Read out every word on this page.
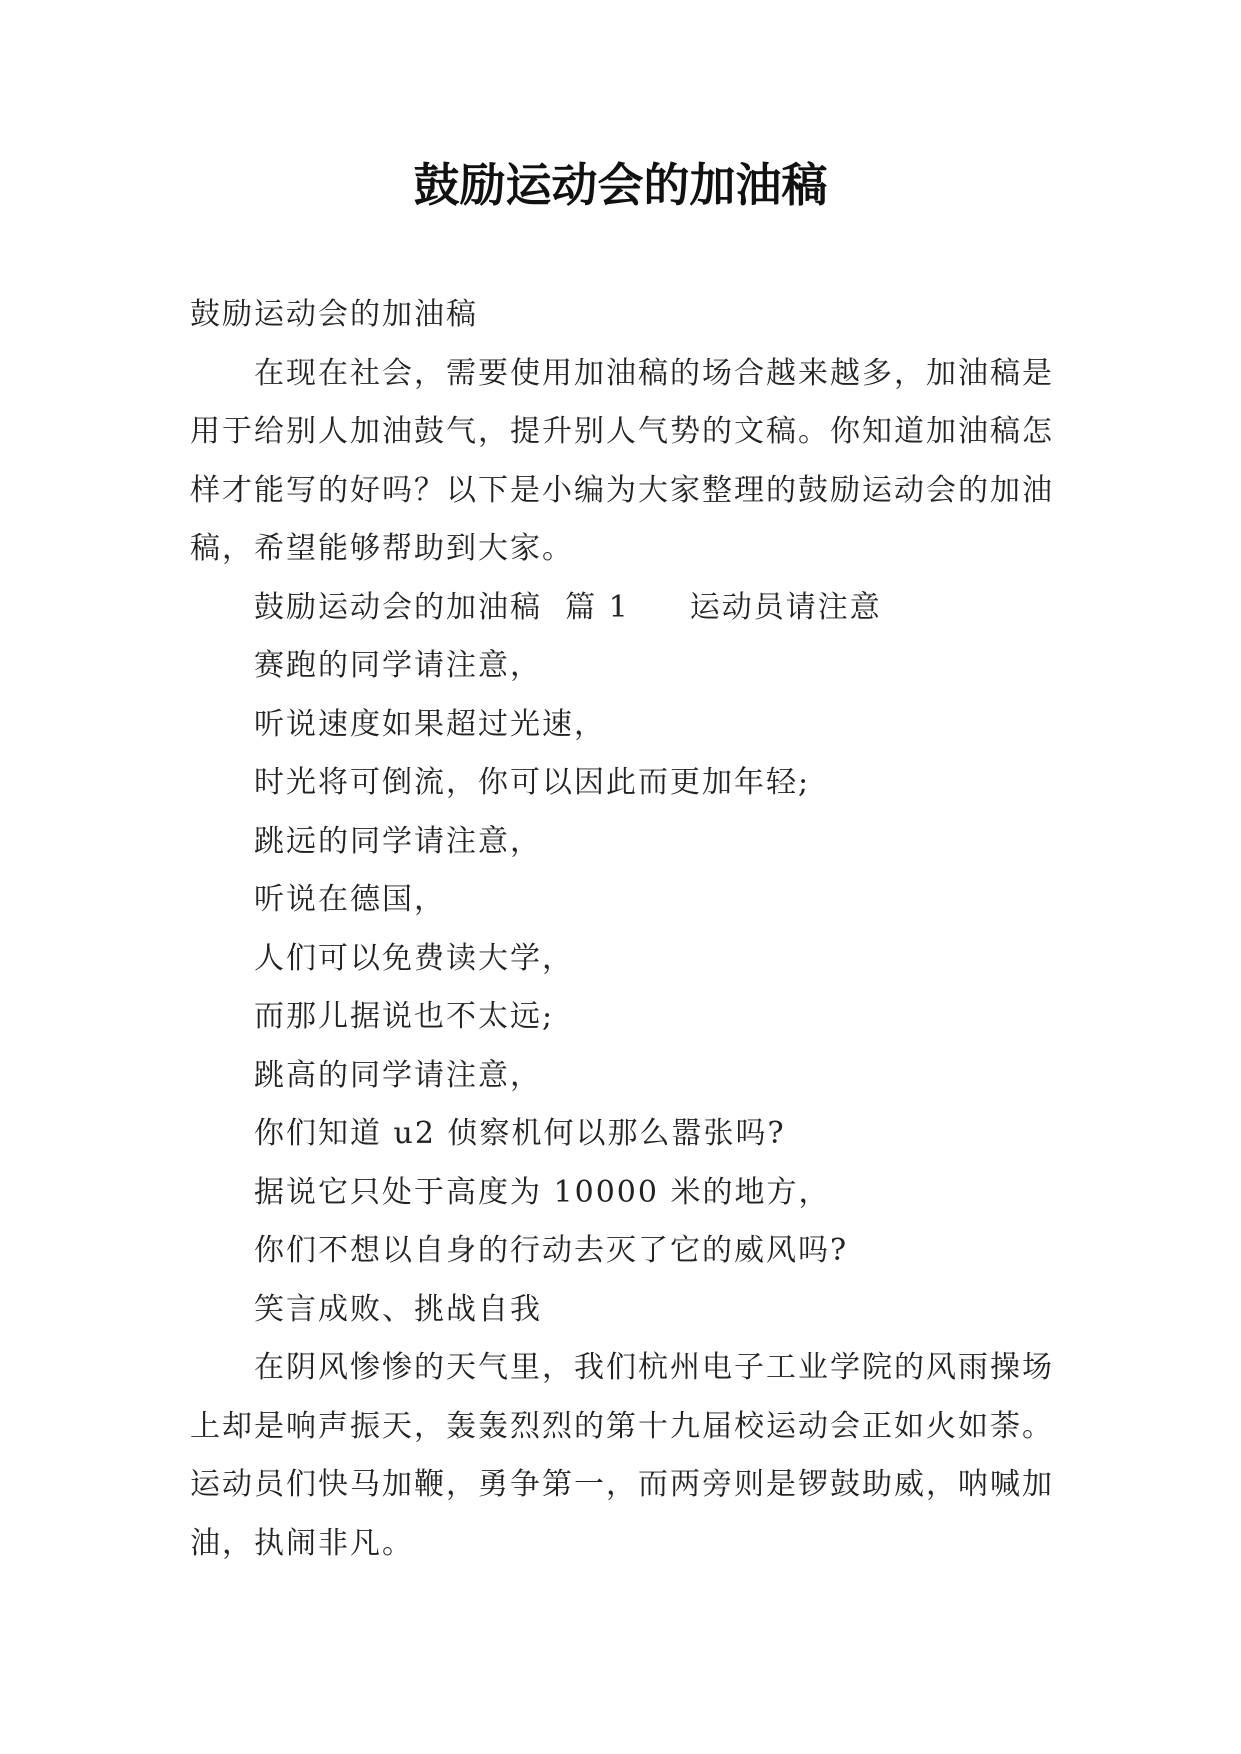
鼓励运动会的加油稿

鼓励运动会的加油稿

在现在社会，需要使用加油稿的场合越来越多，加油稿是用于给别人加油鼓气，提升别人气势的文稿。你知道加油稿怎样才能写的好吗？以下是小编为大家整理的鼓励运动会的加油稿，希望能够帮助到大家。

鼓励运动会的加油稿  篇 1 运动员请注意

赛跑的同学请注意，

听说速度如果超过光速，

时光将可倒流，你可以因此而更加年轻;

跳远的同学请注意，

听说在德国，

人们可以免费读大学，

而那儿据说也不太远;

跳高的同学请注意，

你们知道 u2 侦察机何以那么嚣张吗?

据说它只处于高度为 10000 米的地方，

你们不想以自身的行动去灭了它的威风吗?

笑言成败、挑战自我

在阴风惨惨的天气里，我们杭州电子工业学院的风雨操场上却是响声振天，轰轰烈烈的第十九届校运动会正如火如荼。运动员们快马加鞭，勇争第一，而两旁则是锣鼓助威，呐喊加油，执闹非凡。
